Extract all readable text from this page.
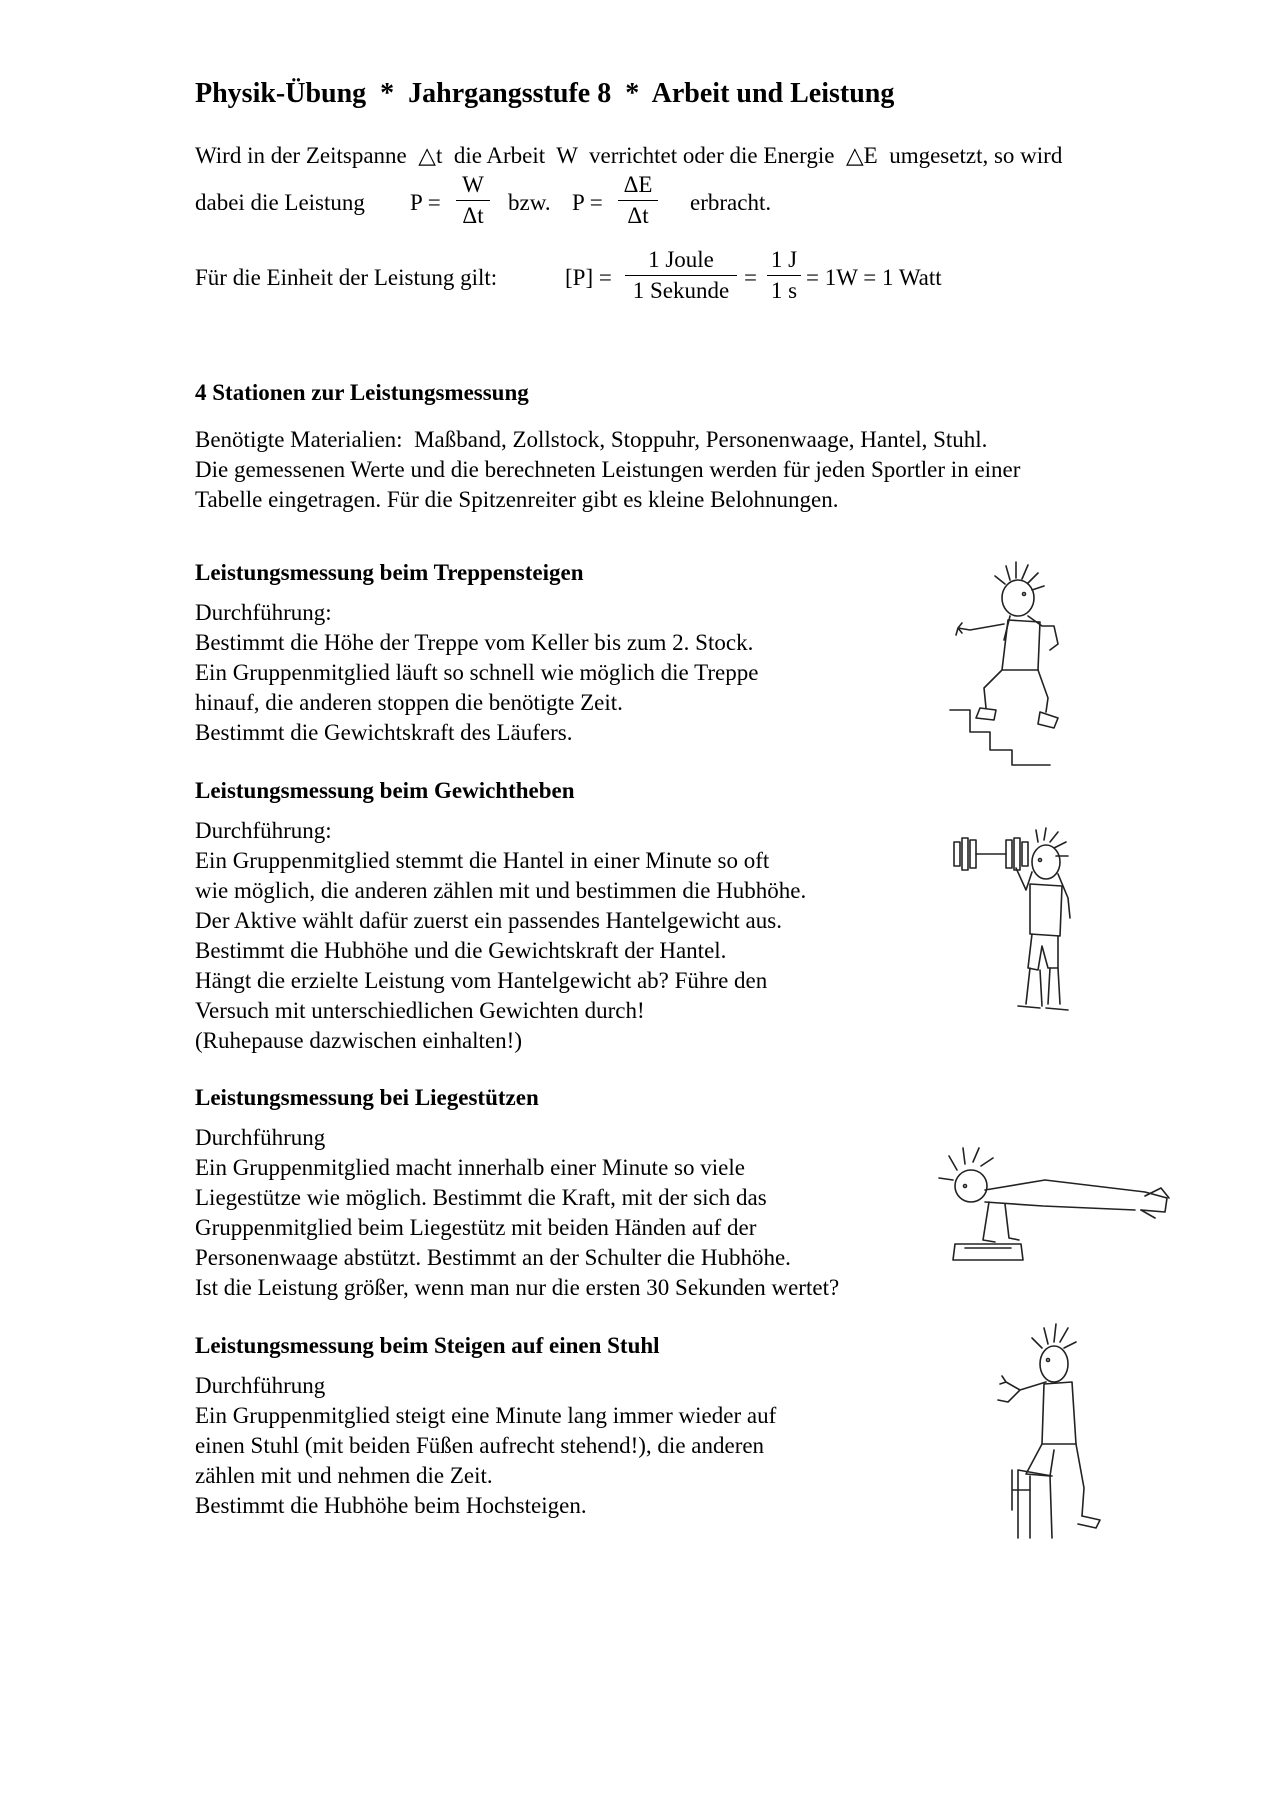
Physik-Übung  *  Jahrgangsstufe 8  *  Arbeit und Leistung
Wird in der Zeitspanne  △t  die Arbeit  W  verrichtet oder die Energie  △E  umgesetzt, so wird
dabei die Leistung P =
W
Δt
bzw. P =
ΔE
Δt
erbracht.
Für die Einheit der Leistung gilt:	[P] =
1 Joule
1 Sekunde
=
1 J
1 s
= 1W = 1 Watt
4 Stationen zur Leistungsmessung
Benötigte Materialien:  Maßband, Zollstock, Stoppuhr, Personenwaage, Hantel, Stuhl.
Die gemessenen Werte und die berechneten Leistungen werden für jeden Sportler in einer
Tabelle eingetragen. Für die Spitzenreiter gibt es kleine Belohnungen.
Leistungsmessung beim Treppensteigen
Durchführung:
Bestimmt die Höhe der Treppe vom Keller bis zum 2. Stock.
Ein Gruppenmitglied läuft so schnell wie möglich die Treppe
hinauf, die anderen stoppen die benötigte Zeit.
Bestimmt die Gewichtskraft des Läufers.
Leistungsmessung beim Gewichtheben
Durchführung:
Ein Gruppenmitglied stemmt die Hantel in einer Minute so oft
wie möglich, die anderen zählen mit und bestimmen die Hubhöhe.
Der Aktive wählt dafür zuerst ein passendes Hantelgewicht aus.
Bestimmt die Hubhöhe und die Gewichtskraft der Hantel.
Hängt die erzielte Leistung vom Hantelgewicht ab? Führe den
Versuch mit unterschiedlichen Gewichten durch!
(Ruhepause dazwischen einhalten!)
Leistungsmessung bei Liegestützen
Durchführung
Ein Gruppenmitglied macht innerhalb einer Minute so viele
Liegestütze wie möglich. Bestimmt die Kraft, mit der sich das
Gruppenmitglied beim Liegestütz mit beiden Händen auf der
Personenwaage abstützt. Bestimmt an der Schulter die Hubhöhe.
Ist die Leistung größer, wenn man nur die ersten 30 Sekunden wertet?
Leistungsmessung beim Steigen auf einen Stuhl
Durchführung
Ein Gruppenmitglied steigt eine Minute lang immer wieder auf
einen Stuhl (mit beiden Füßen aufrecht stehend!), die anderen
zählen mit und nehmen die Zeit.
Bestimmt die Hubhöhe beim Hochsteigen.
